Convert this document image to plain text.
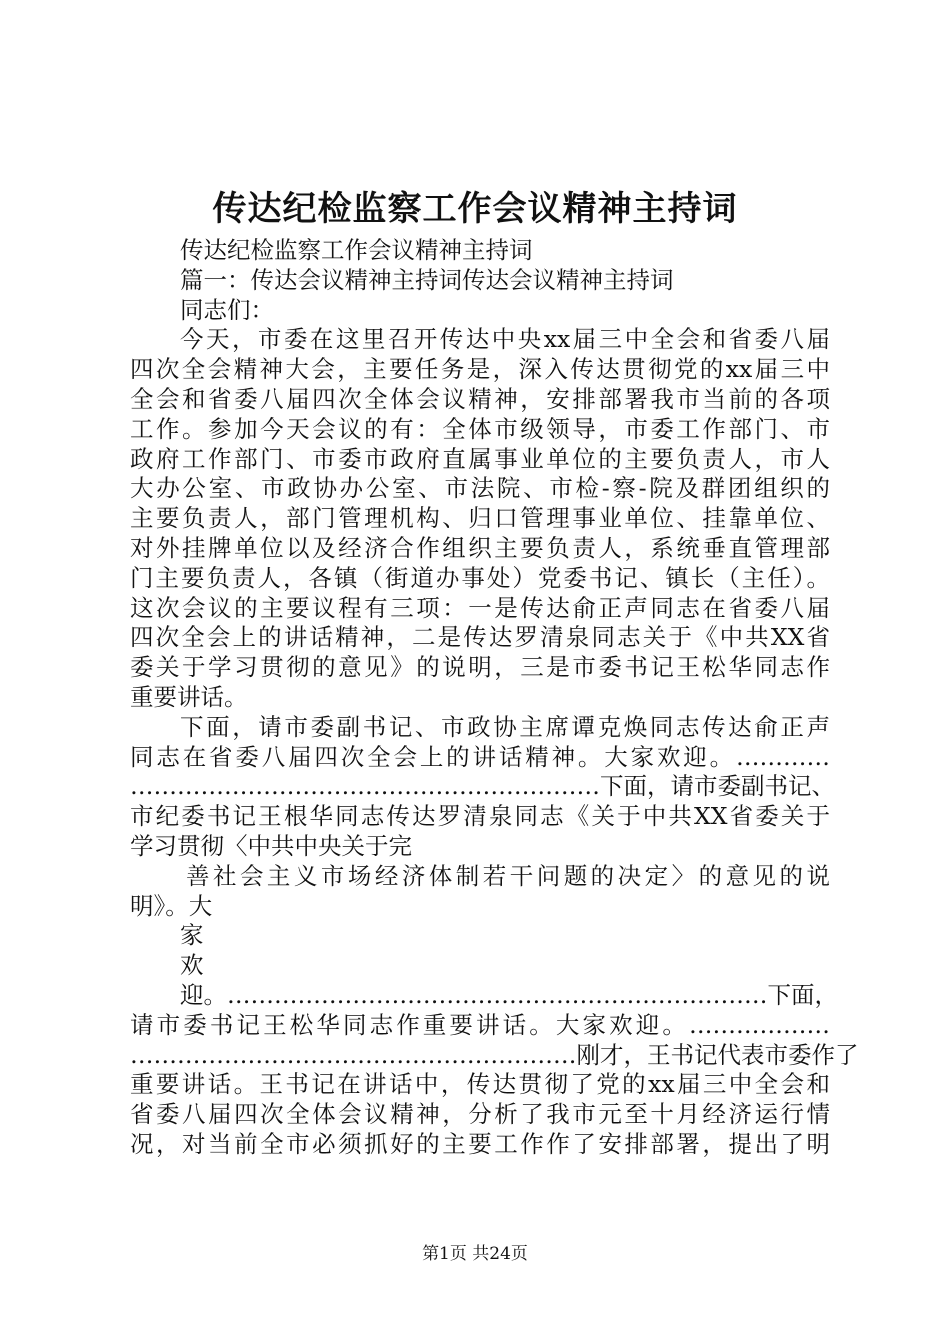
传达纪检监察工作会议精神主持词
传达纪检监察工作会议精神主持词
篇一：传达会议精神主持词传达会议精神主持词
同志们：
今天，市委在这里召开传达中央xx届三中全会和省委八届
四次全会精神大会，主要任务是，深入传达贯彻党的xx届三中
全会和省委八届四次全体会议精神，安排部署我市当前的各项
工作。参加今天会议的有：全体市级领导，市委工作部门、市
政府工作部门、市委市政府直属事业单位的主要负责人，市人
大办公室、市政协办公室、市法院、市检-察-院及群团组织的
主要负责人，部门管理机构、归口管理事业单位、挂靠单位、
对外挂牌单位以及经济合作组织主要负责人，系统垂直管理部
门主要负责人，各镇（街道办事处）党委书记、镇长（主任）。
这次会议的主要议程有三项：一是传达俞正声同志在省委八届
四次全会上的讲话精神，二是传达罗清泉同志关于《中共XX省
委关于学习贯彻的意见》的说明，三是市委书记王松华同志作
重要讲话。
下面，请市委副书记、市政协主席谭克焕同志传达俞正声
同志在省委八届四次全会上的讲话精神。大家欢迎。…………
……………………………………………………下面，请市委副书记、
市纪委书记王根华同志传达罗清泉同志《关于中共XX省委关于
学习贯彻〈中共中央关于完
善社会主义市场经济体制若干问题的决定〉的意见的说
明》。大
家
欢
迎。……………………………………………………………下面，
请市委书记王松华同志作重要讲话。大家欢迎。………………
…………………………………………………刚才，王书记代表市委作了
重要讲话。王书记在讲话中，传达贯彻了党的xx届三中全会和
省委八届四次全体会议精神，分析了我市元至十月经济运行情
况，对当前全市必须抓好的主要工作作了安排部署，提出了明
第1页 共24页
